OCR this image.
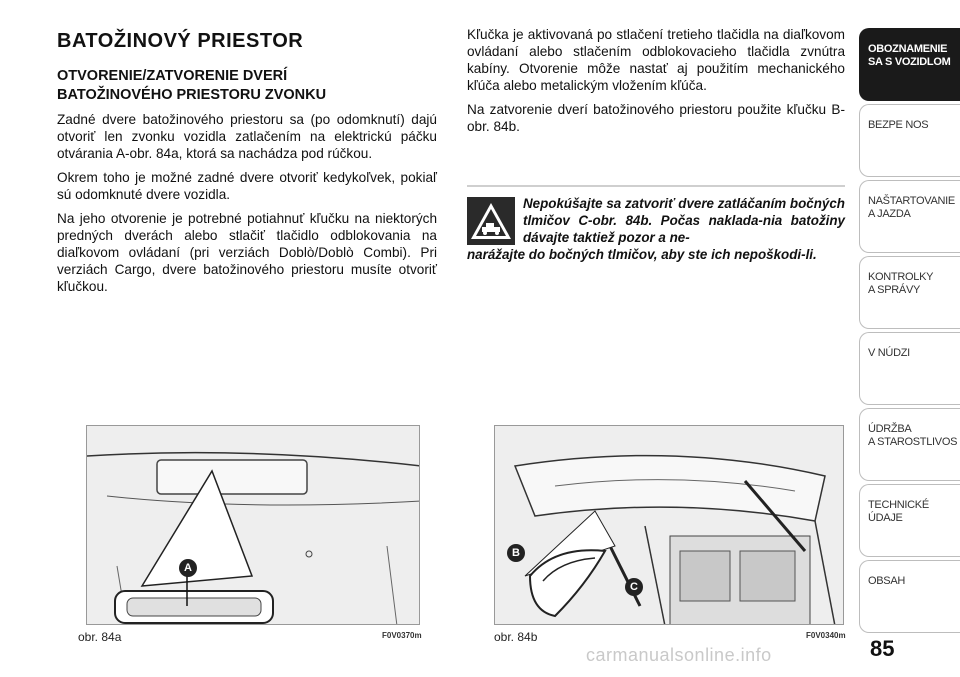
BATOŽINOVÝ PRIESTOR
OTVORENIE/ZATVORENIE DVERÍ
BATOŽINOVÉHO PRIESTORU ZVONKU

Zadné dvere batožinového priestoru sa (po odomknutí) dajú otvoriť len zvonku vozidla zatlačením na elektrickú páčku otvárania A-obr. 84a, ktorá sa nachádza pod rúčkou.

Okrem toho je možné zadné dvere otvoriť kedykoľvek, pokiaľ sú odomknuté dvere vozidla.

Na jeho otvorenie je potrebné potiahnuť kľučku na niektorých predných dverách alebo stlačiť tlačidlo odblokovania na diaľkovom ovládaní (pri verziách Doblò/Doblò Combi). Pri verziách Cargo, dvere batožinového priestoru musíte otvoriť kľučkou.

Kľučka je aktivovaná po stlačení tretieho tlačidla na diaľkovom ovládaní alebo stlačením odblokovacieho tlačidla zvnútra kabíny. Otvorenie môže nastať aj použitím mechanického kľúča alebo metalickým vložením kľúča.

Na zatvorenie dverí batožinového priestoru použite kľučku B-obr. 84b.

Nepokúšajte sa zatvoriť dvere zatláčaním bočných tlmičov C-obr. 84b. Počas naklada-nia batožiny dávajte taktiež pozor a ne-
narážajte do bočných tlmičov, aby ste ich nepoškodi-li.
A
obr. 84a	F0V0370m
B
C
obr. 84b	F0V0340m
OBOZNAMENIE
SA S VOZIDLOM
BEZPE NOS
NAŠTARTOVANIE
A JAZDA
KONTROLKY
A SPRÁVY
V NÚDZI
ÚDRŽBA
A STAROSTLIVOS
TECHNICKÉ
ÚDAJE
OBSAH
85
carmanualsonline.info
